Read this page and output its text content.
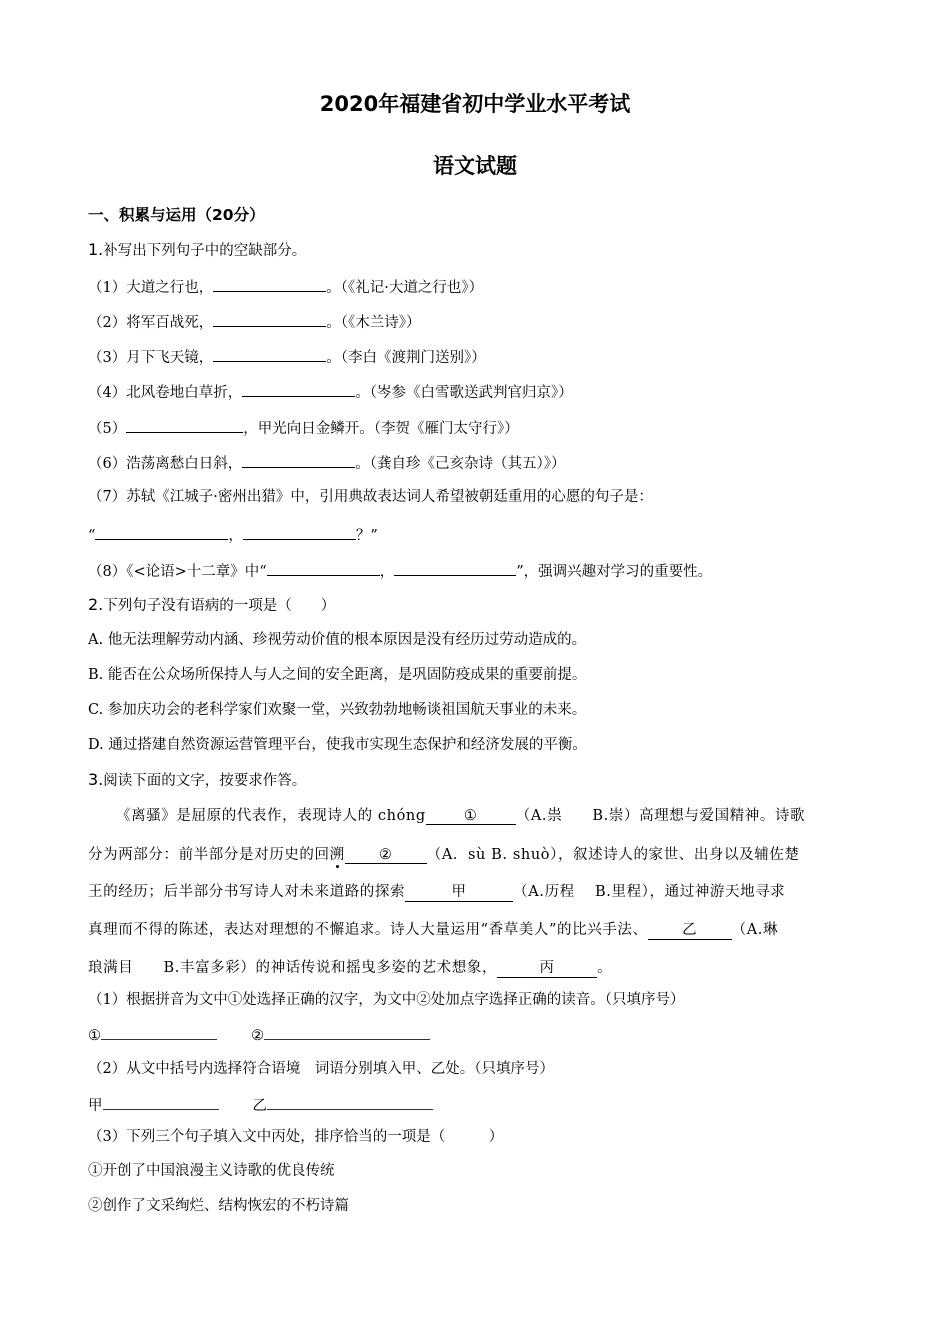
2020年福建省初中学业水平考试
语文试题
一、积累与运用（20分）
1.补写出下列句子中的空缺部分。
（1）大道之行也，	。（《礼记·大道之行也》）
（2）将军百战死，	。（《木兰诗》）
（3）月下飞天镜，	。（李白《渡荆门送别》）
（4）北风卷地白草折，	。（岑参《白雪歌送武判官归京》）
（5）	，甲光向日金鳞开。（李贺《雁门太守行》）
（6）浩荡离愁白日斜，	。（龚自珍《己亥杂诗（其五）》）
（7）苏轼《江城子·密州出猎》中，引用典故表达词人希望被朝廷重用的心愿的句子是：
“	，	？”
（8）《<论语>十二章》中“	，	”，强调兴趣对学习的重要性。
2.下列句子没有语病的一项是（　　）
A. 他无法理解劳动内涵、珍视劳动价值的根本原因是没有经历过劳动造成的。
B. 能否在公众场所保持人与人之间的安全距离，是巩固防疫成果的重要前提。
C. 参加庆功会的老科学家们欢聚一堂，兴致勃勃地畅谈祖国航天事业的未来。
D. 通过搭建自然资源运营管理平台，使我市实现生态保护和经济发展的平衡。
3.阅读下面的文字，按要求作答。
《离骚》是屈原的代表作，表现诗人的 chóng	①	（A.祟　　B.崇）高理想与爱国精神。诗歌
分为两部分：前半部分是对历史的回溯 ② （A．sù B. shuò），叙述诗人的家世、出身以及辅佐楚
王的经历；后半部分书写诗人对未来道路的探索	甲	（A.历程　 B.里程），通过神游天地寻求
真理而不得的陈述，表达对理想的不懈追求。诗人大量运用“香草美人”的比兴手法、 乙 （A.琳
琅满目　　B.丰富多彩）的神话传说和摇曳多姿的艺术想象，	丙	。
（1）根据拼音为文中①处选择正确的汉字，为文中②处加点字选择正确的读音。（只填序号）
①	②
（2）从文中括号内选择符合语境　词语分别填入甲、乙处。（只填序号）
甲	乙
（3）下列三个句子填入文中丙处，排序恰当的一项是（　　　）
①开创了中国浪漫主义诗歌的优良传统
②创作了文采绚烂、结构恢宏的不朽诗篇
